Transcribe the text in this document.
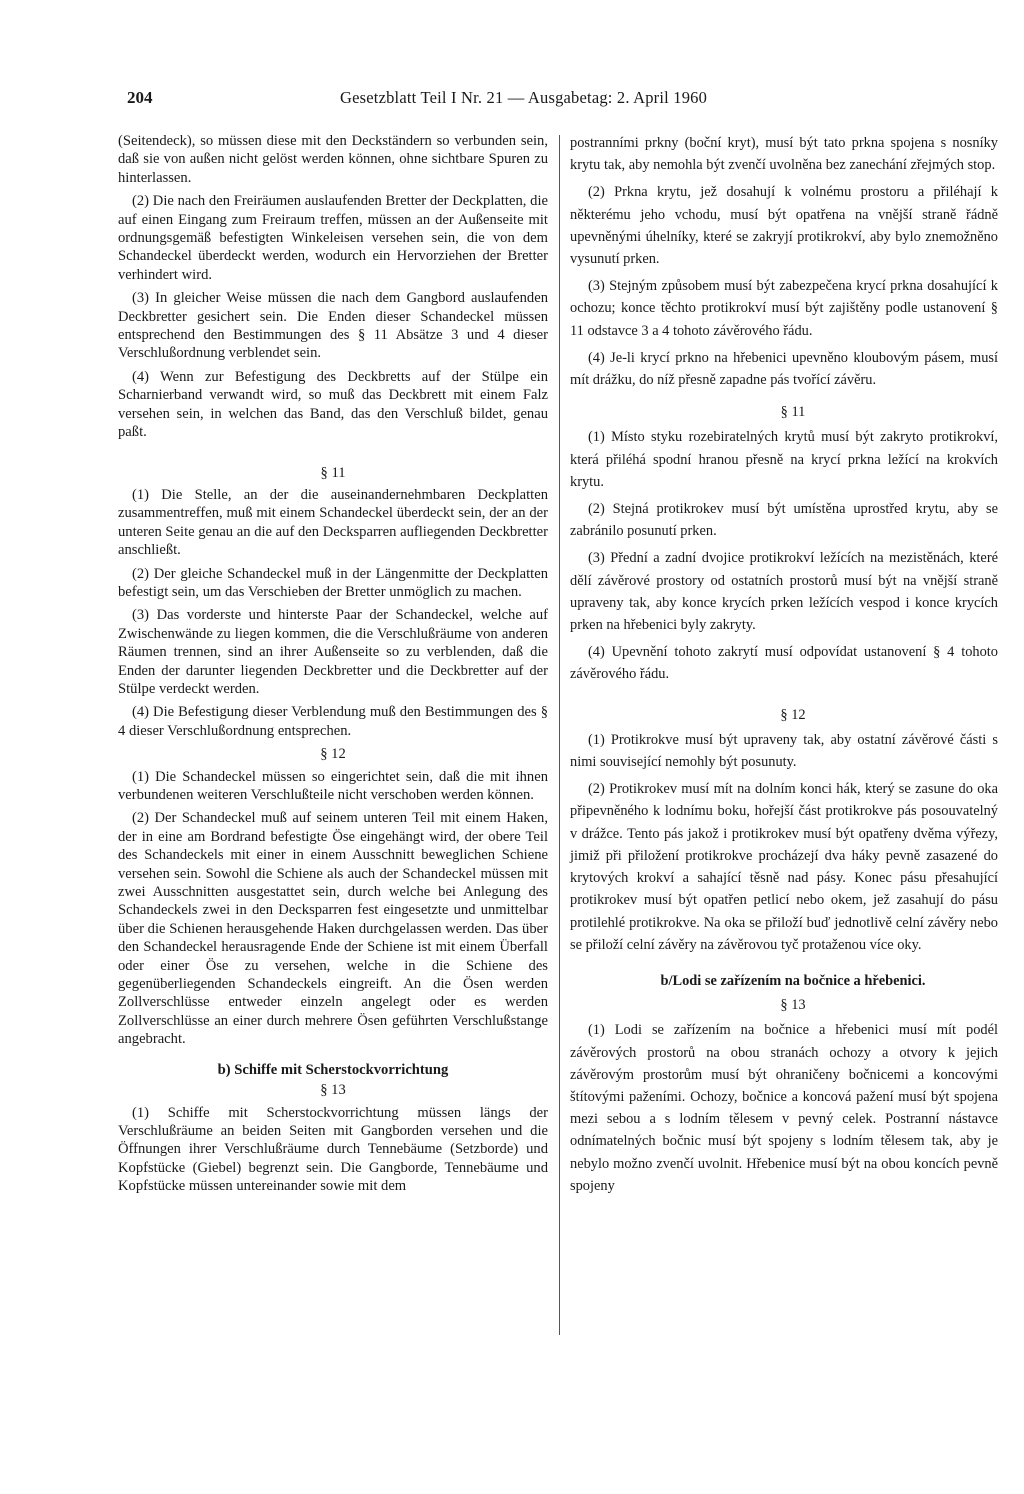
204	Gesetzblatt Teil I Nr. 21 — Ausgabetag: 2. April 1960

(Seitendeck), so müssen diese mit den Deckständern so verbunden sein, daß sie von außen nicht gelöst werden können, ohne sichtbare Spuren zu hinterlassen.

(2) Die nach den Freiräumen auslaufenden Bretter der Deckplatten, die auf einen Eingang zum Freiraum treffen, müssen an der Außenseite mit ordnungsgemäß befestigten Winkeleisen versehen sein, die von dem Schandeckel überdeckt werden, wodurch ein Hervorziehen der Bretter verhindert wird.

(3) In gleicher Weise müssen die nach dem Gangbord auslaufenden Deckbretter gesichert sein. Die Enden dieser Schandeckel müssen entsprechend den Bestimmungen des § 11 Absätze 3 und 4 dieser Verschlußordnung verblendet sein.

(4) Wenn zur Befestigung des Deckbretts auf der Stülpe ein Scharnierband verwandt wird, so muß das Deckbrett mit einem Falz versehen sein, in welchen das Band, das den Verschluß bildet, genau paßt.

§ 11

(1) Die Stelle, an der die auseinandernehmbaren Deckplatten zusammentreffen, muß mit einem Schandeckel überdeckt sein, der an der unteren Seite genau an die auf den Decksparren aufliegenden Deckbretter anschließt.

(2) Der gleiche Schandeckel muß in der Längenmitte der Deckplatten befestigt sein, um das Verschieben der Bretter unmöglich zu machen.

(3) Das vorderste und hinterste Paar der Schandeckel, welche auf Zwischenwände zu liegen kommen, die die Verschlußräume von anderen Räumen trennen, sind an ihrer Außenseite so zu verblenden, daß die Enden der darunter liegenden Deckbretter und die Deckbretter auf der Stülpe verdeckt werden.

(4) Die Befestigung dieser Verblendung muß den Bestimmungen des § 4 dieser Verschlußordnung entsprechen.

§ 12

(1) Die Schandeckel müssen so eingerichtet sein, daß die mit ihnen verbundenen weiteren Verschlußteile nicht verschoben werden können.

(2) Der Schandeckel muß auf seinem unteren Teil mit einem Haken, der in eine am Bordrand befestigte Öse eingehängt wird, der obere Teil des Schandeckels mit einer in einem Ausschnitt beweglichen Schiene versehen sein. Sowohl die Schiene als auch der Schandeckel müssen mit zwei Ausschnitten ausgestattet sein, durch welche bei Anlegung des Schandeckels zwei in den Decksparren fest eingesetzte und unmittelbar über die Schienen herausgehende Haken durchgelassen werden. Das über den Schandeckel herausragende Ende der Schiene ist mit einem Überfall oder einer Öse zu versehen, welche in die Schiene des gegenüberliegenden Schandeckels eingreift. An die Ösen werden Zollverschlüsse entweder einzeln angelegt oder es werden Zollverschlüsse an einer durch mehrere Ösen geführten Verschlußstange angebracht.

b) Schiffe mit Scherstockvorrichtung

§ 13

(1) Schiffe mit Scherstockvorrichtung müssen längs der Verschlußräume an beiden Seiten mit Gangborden versehen und die Öffnungen ihrer Verschlußräume durch Tennebäume (Setzborde) und Kopfstücke (Giebel) begrenzt sein. Die Gangborde, Tennebäume und Kopfstücke müssen untereinander sowie mit dem

postranními prkny (boční kryt), musí být tato prkna spojena s nosníky krytu tak, aby nemohla být zvenčí uvolněna bez zanechání zřejmých stop.

(2) Prkna krytu, jež dosahují k volnému prostoru a přiléhají k některému jeho vchodu, musí být opatřena na vnější straně řádně upevněnými úhelníky, které se zakryjí protikrokví, aby bylo znemožněno vysunutí prken.

(3) Stejným způsobem musí být zabezpečena krycí prkna dosahující k ochozu; konce těchto protikrokví musí být zajištěny podle ustanovení § 11 odstavce 3 a 4 tohoto závěrového řádu.

(4) Je-li krycí prkno na hřebenici upevněno kloubovým pásem, musí mít drážku, do níž přesně zapadne pás tvořící závěru.

§ 11

(1) Místo styku rozebiratelných krytů musí být zakryto protikrokví, která přiléhá spodní hranou přesně na krycí prkna ležící na krokvích krytu.

(2) Stejná protikrokev musí být umístěna uprostřed krytu, aby se zabránilo posunutí prken.

(3) Přední a zadní dvojice protikrokví ležících na mezistěnách, které dělí závěrové prostory od ostatních prostorů musí být na vnější straně upraveny tak, aby konce krycích prken ležících vespod i konce krycích prken na hřebenici byly zakryty.

(4) Upevnění tohoto zakrytí musí odpovídat ustanovení § 4 tohoto závěrového řádu.

§ 12

(1) Protikrokve musí být upraveny tak, aby ostatní závěrové části s nimi související nemohly být posunuty.

(2) Protikrokev musí mít na dolním konci hák, který se zasune do oka připevněného k lodnímu boku, hořejší část protikrokve pás posouvatelný v drážce. Tento pás jakož i protikrokev musí být opatřeny dvěma výřezy, jimiž při přiložení protikrokve procházejí dva háky pevně zasazené do krytových krokví a sahající těsně nad pásy. Konec pásu přesahující protikrokev musí být opatřen petlicí nebo okem, jež zasahují do pásu protilehlé protikrokve. Na oka se přiloží buď jednotlivě celní závěry nebo se přiloží celní závěry na závěrovou tyč protaženou více oky.

b/Lodi se zařízením na bočnice a hřebenici.

§ 13

(1) Lodi se zařízením na bočnice a hřebenici musí mít podél závěrových prostorů na obou stranách ochozy a otvory k jejich závěrovým prostorům musí být ohraničeny bočnicemi a koncovými štítovými paženími. Ochozy, bočnice a koncová pažení musí být spojena mezi sebou a s lodním tělesem v pevný celek. Postranní nástavce odnímatelných bočnic musí být spojeny s lodním tělesem tak, aby je nebylo možno zvenčí uvolnit. Hřebenice musí být na obou koncích pevně spojeny
